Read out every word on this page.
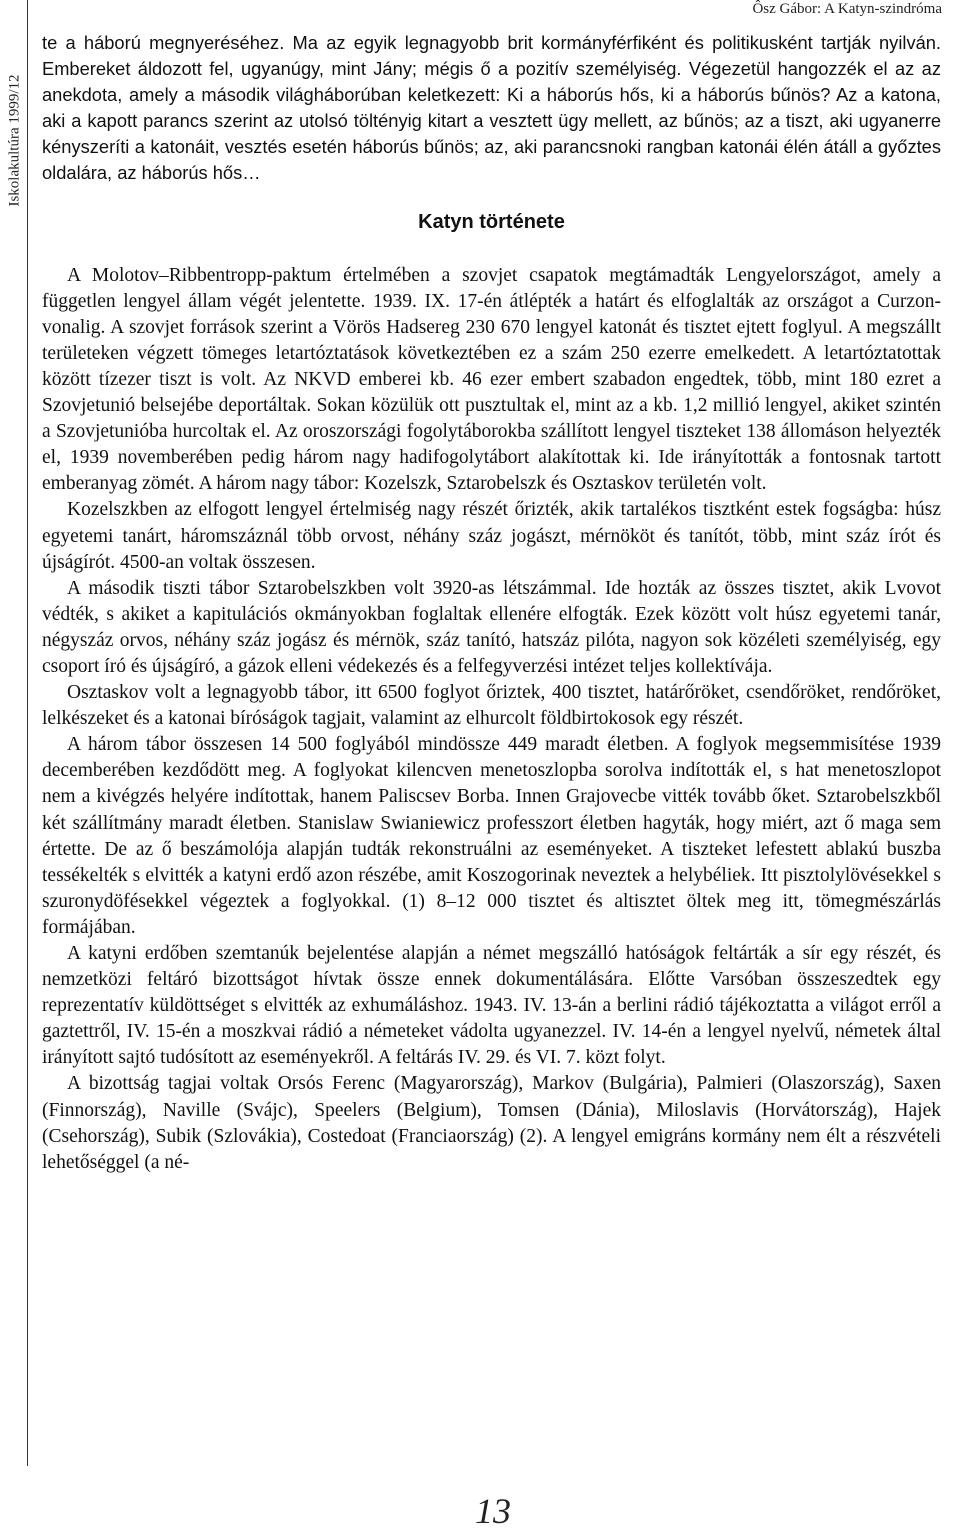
Iskolakultúra 1999/12
Ôsz Gábor: A Katyn-szindróma

te a háború megnyeréséhez. Ma az egyik legnagyobb brit kormányférfiként és politikusként tartják nyilván. Embereket áldozott fel, ugyanúgy, mint Jány; mégis ő a pozitív személyiség. Végezetül hangozzék el az az anekdota, amely a második világháborúban keletkezett: Ki a háborús hős, ki a háborús bűnös? Az a katona, aki a kapott parancs szerint az utolsó töltényig kitart a vesztett ügy mellett, az bűnös; az a tiszt, aki ugyanerre kényszeríti a katonáit, vesztés esetén háborús bűnös; az, aki parancsnoki rangban katonái élén átáll a győztes oldalára, az háborús hős…

Katyn története

A Molotov–Ribbentropp-paktum értelmében a szovjet csapatok megtámadták Lengyelországot, amely a független lengyel állam végét jelentette. 1939. IX. 17-én átlépték a határt és elfoglalták az országot a Curzon-vonalig. A szovjet források szerint a Vörös Hadsereg 230 670 lengyel katonát és tisztet ejtett foglyul. A megszállt területeken végzett tömeges letartóztatások következtében ez a szám 250 ezerre emelkedett. A letartóztatottak között tízezer tiszt is volt. Az NKVD emberei kb. 46 ezer embert szabadon engedtek, több, mint 180 ezret a Szovjetunió belsejébe deportáltak. Sokan közülük ott pusztultak el, mint az a kb. 1,2 millió lengyel, akiket szintén a Szovjetunióba hurcoltak el. Az oroszországi fogolytáborokba szállított lengyel tiszteket 138 állomáson helyezték el, 1939 novemberében pedig három nagy hadifogolytábort alakítottak ki. Ide irányították a fontosnak tartott emberanyag zömét. A három nagy tábor: Kozelszk, Sztarobelszk és Osztaskov területén volt.

Kozelszkben az elfogott lengyel értelmiség nagy részét őrizték, akik tartalékos tisztként estek fogságba: húsz egyetemi tanárt, háromszáznál több orvost, néhány száz jogászt, mérnököt és tanítót, több, mint száz írót és újságírót. 4500-an voltak összesen.

A második tiszti tábor Sztarobelszkben volt 3920-as létszámmal. Ide hozták az összes tisztet, akik Lvovot védték, s akiket a kapitulációs okmányokban foglaltak ellenére elfogták. Ezek között volt húsz egyetemi tanár, négyszáz orvos, néhány száz jogász és mérnök, száz tanító, hatszáz pilóta, nagyon sok közéleti személyiség, egy csoport író és újságíró, a gázok elleni védekezés és a felfegyverzési intézet teljes kollektívája.

Osztaskov volt a legnagyobb tábor, itt 6500 foglyot őriztek, 400 tisztet, határőröket, csendőröket, rendőröket, lelkészeket és a katonai bíróságok tagjait, valamint az elhurcolt földbirtokosok egy részét.

A három tábor összesen 14 500 foglyából mindössze 449 maradt életben. A foglyok megsemmisítése 1939 decemberében kezdődött meg. A foglyokat kilencven menetoszlopba sorolva indították el, s hat menetoszlopot nem a kivégzés helyére indítottak, hanem Paliscsev Borba. Innen Grajovecbe vitték tovább őket. Sztarobelszkből két szállítmány maradt életben. Stanislaw Swianiewicz professzort életben hagyták, hogy miért, azt ő maga sem értette. De az ő beszámolója alapján tudták rekonstruálni az eseményeket. A tiszteket lefestett ablakú buszba tessékelték s elvitték a katyni erdő azon részébe, amit Koszogorinak neveztek a helybéliek. Itt pisztolylövésekkel s szuronydöfésekkel végeztek a foglyokkal. (1) 8–12 000 tisztet és altisztet öltek meg itt, tömegmészárlás formájában.

A katyni erdőben szemtanúk bejelentése alapján a német megszálló hatóságok feltárták a sír egy részét, és nemzetközi feltáró bizottságot hívtak össze ennek dokumentálására. Előtte Varsóban összeszedtek egy reprezentatív küldöttséget s elvitték az exhumáláshoz. 1943. IV. 13-án a berlini rádió tájékoztatta a világot erről a gaztettről, IV. 15-én a moszkvai rádió a németeket vádolta ugyanezzel. IV. 14-én a lengyel nyelvű, németek által irányított sajtó tudósított az eseményekről. A feltárás IV. 29. és VI. 7. közt folyt.

A bizottság tagjai voltak Orsós Ferenc (Magyarország), Markov (Bulgária), Palmieri (Olaszország), Saxen (Finnország), Naville (Svájc), Speelers (Belgium), Tomsen (Dánia), Miloslavis (Horvátország), Hajek (Csehország), Subik (Szlovákia), Costedoat (Franciaország) (2). A lengyel emigráns kormány nem élt a részvételi lehetőséggel (a né-

13
